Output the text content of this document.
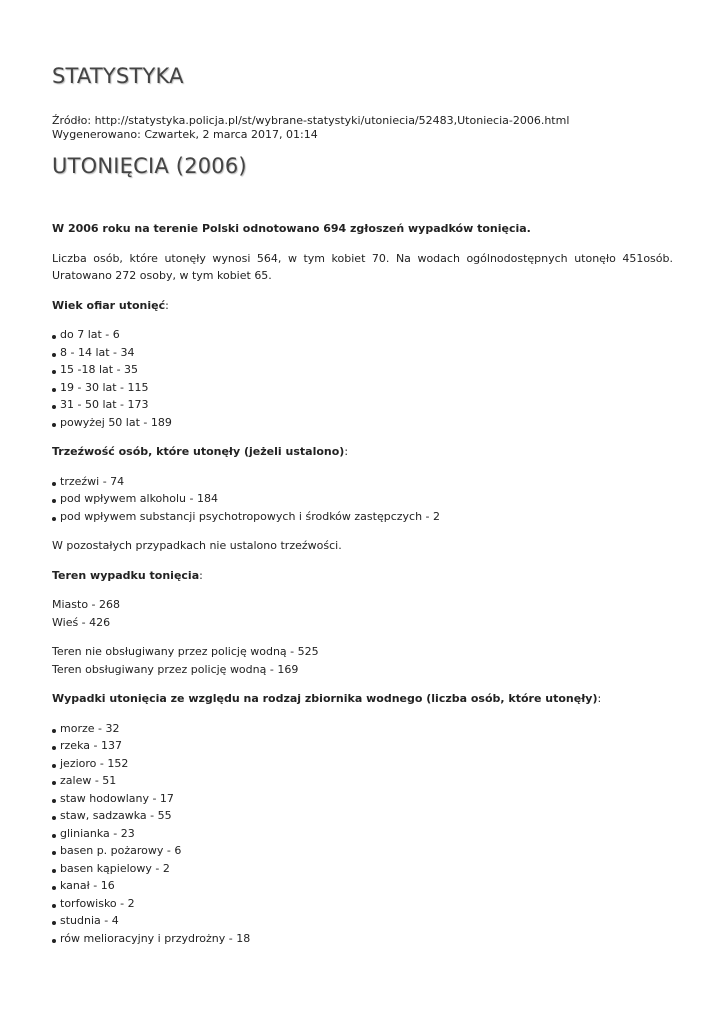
STATYSTYKA
Źródło: http://statystyka.policja.pl/st/wybrane-statystyki/utoniecia/52483,Utoniecia-2006.html
Wygenerowano: Czwartek, 2 marca 2017, 01:14
UTONIĘCIA (2006)

W 2006 roku na terenie Polski odnotowano 694 zgłoszeń wypadków tonięcia.

Liczba osób, które utonęły wynosi 564, w tym kobiet 70. Na wodach ogólnodostępnych utonęło 451osób. Uratowano 272 osoby, w tym kobiet 65.

Wiek ofiar utonięć:

do 7 lat - 6
8 - 14 lat - 34
15 -18 lat - 35
19 - 30 lat - 115
31 - 50 lat - 173
powyżej 50 lat - 189

Trzeźwość osób, które utonęły (jeżeli ustalono):

trzeźwi - 74
pod wpływem alkoholu - 184
pod wpływem substancji psychotropowych i środków zastępczych - 2

W pozostałych przypadkach nie ustalono trzeźwości.

Teren wypadku tonięcia:

Miasto - 268
Wieś - 426

Teren nie obsługiwany przez policję wodną - 525
Teren obsługiwany przez policję wodną - 169

Wypadki utonięcia ze względu na rodzaj zbiornika wodnego (liczba osób, które utonęły):

morze - 32
rzeka - 137
jezioro - 152
zalew - 51
staw hodowlany - 17
staw, sadzawka - 55
glinianka - 23
basen p. pożarowy - 6
basen kąpielowy - 2
kanał - 16
torfowisko - 2
studnia - 4
rów melioracyjny i przydrożny - 18
